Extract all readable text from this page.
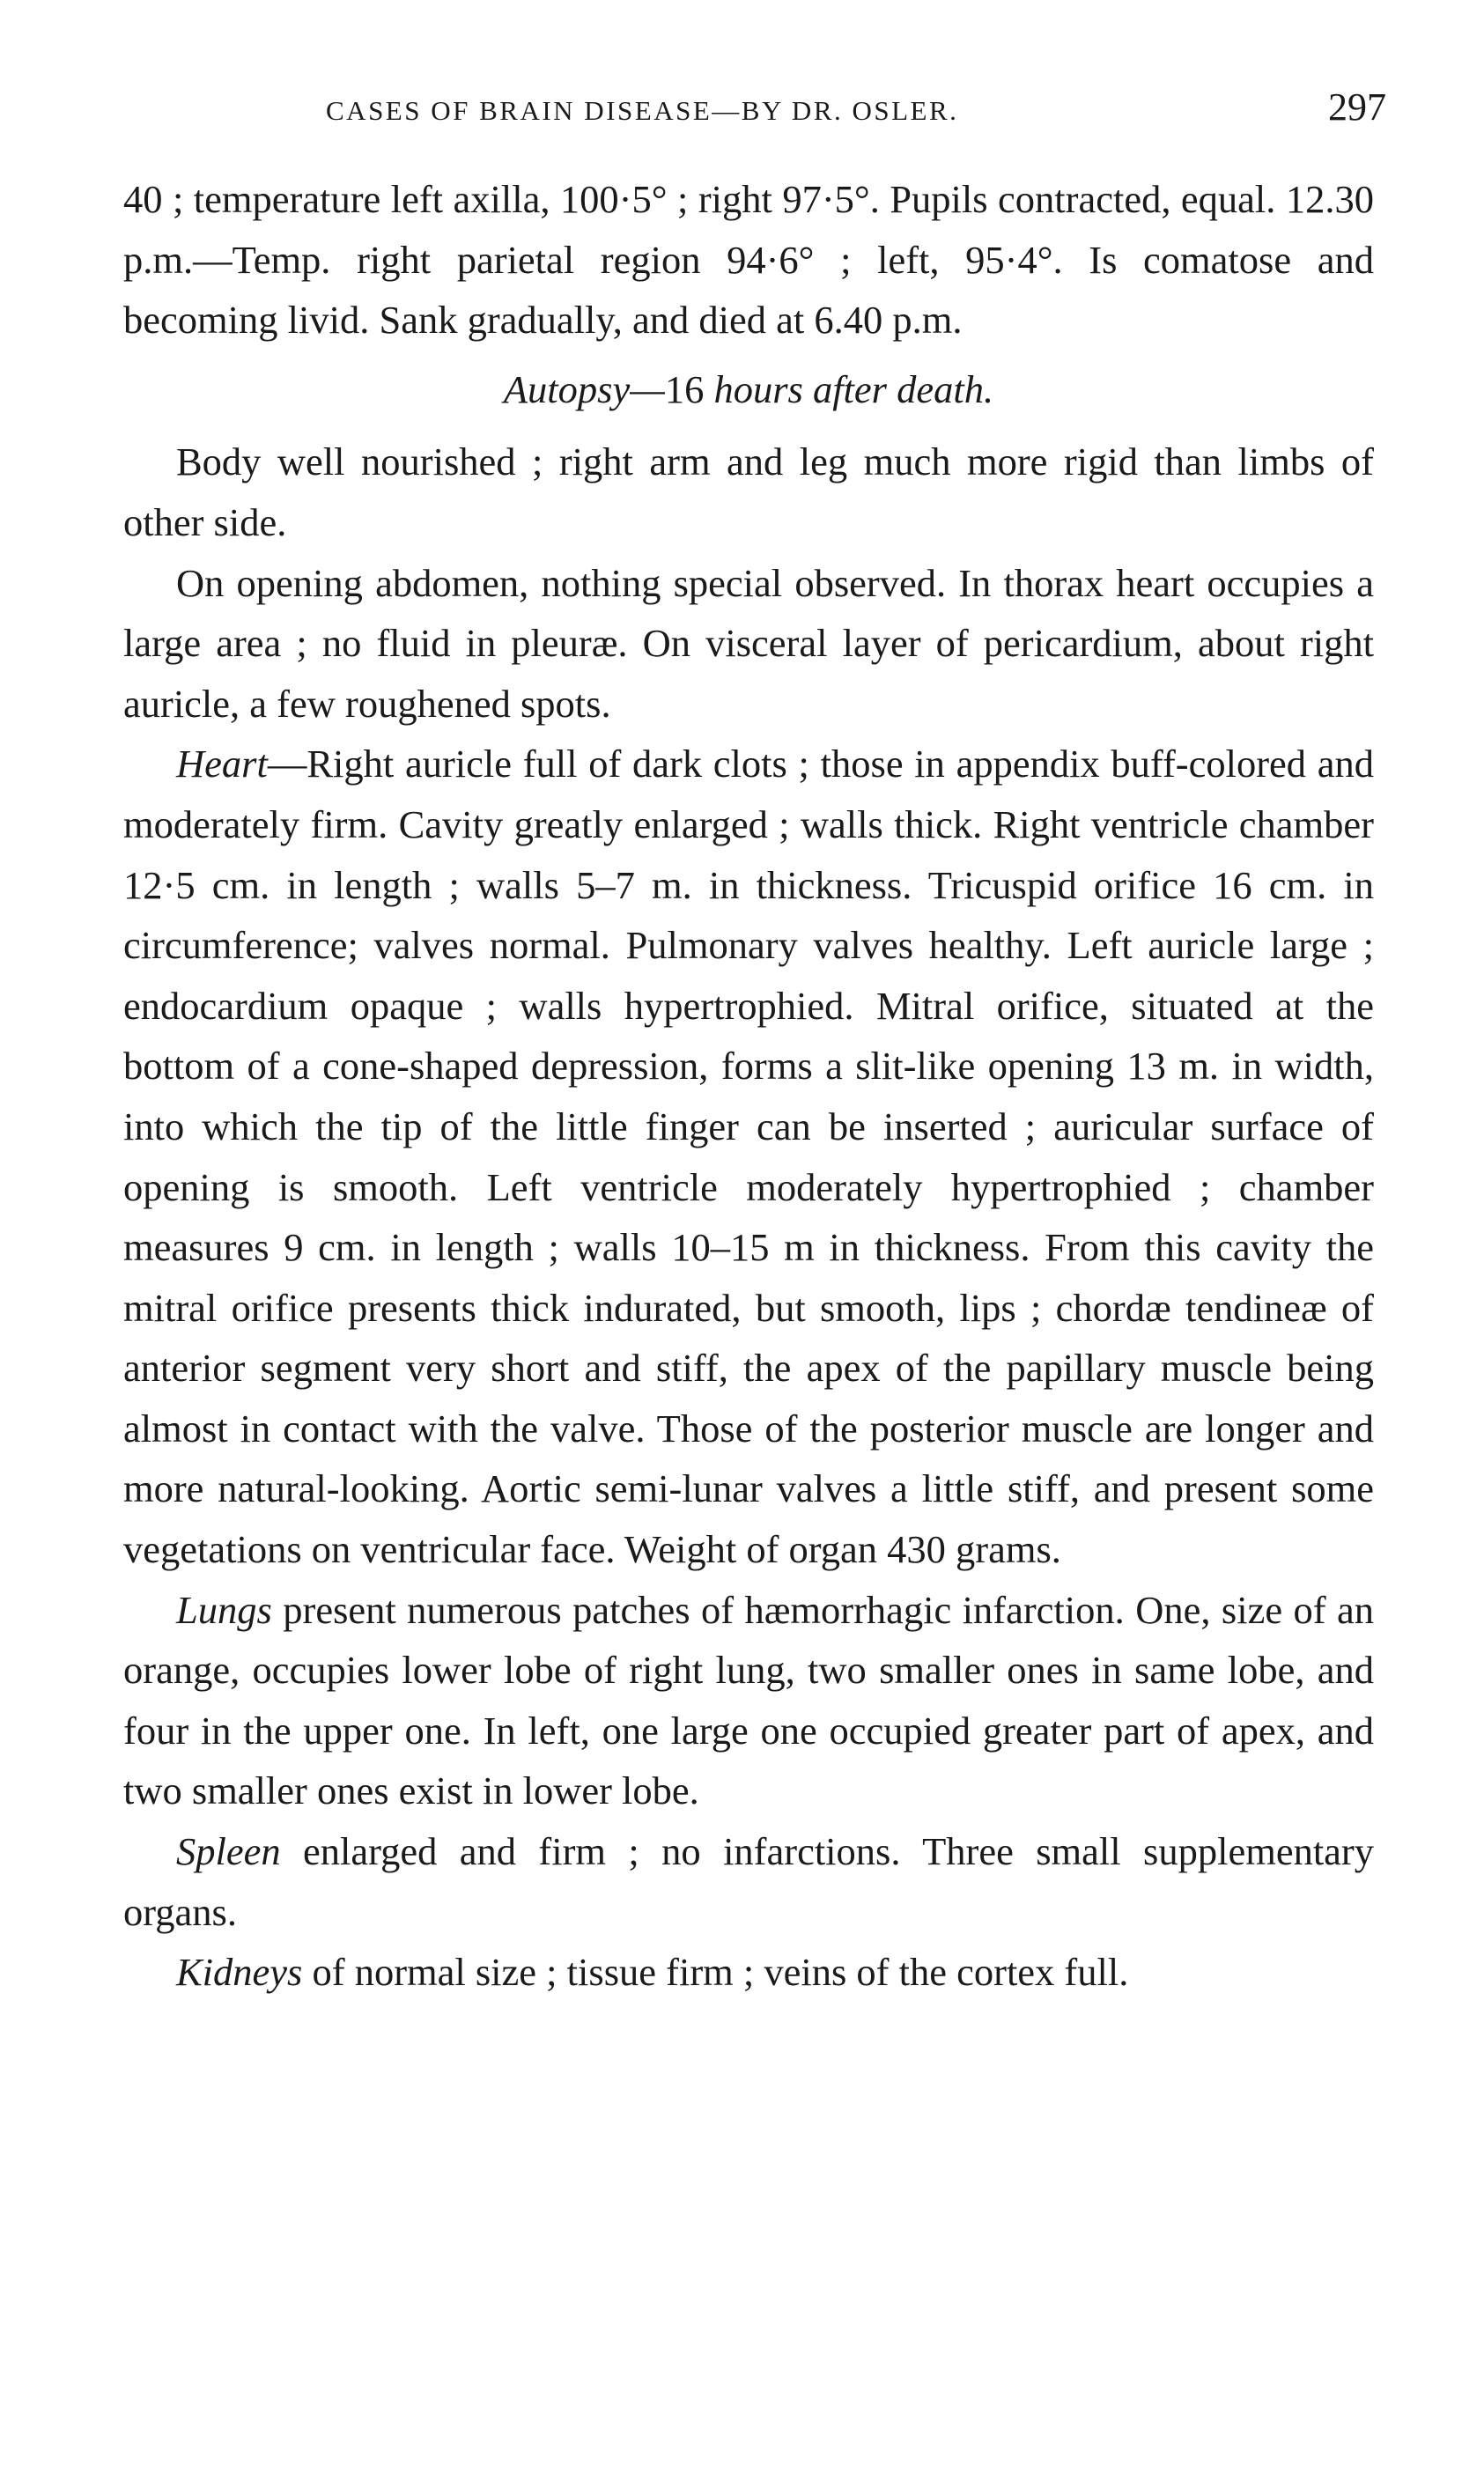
CASES OF BRAIN DISEASE—BY DR. OSLER.	297

40 ; temperature left axilla, 100·5° ; right 97·5°. Pupils contracted, equal. 12.30 p.m.—Temp. right parietal region 94·6° ; left, 95·4°. Is comatose and becoming livid. Sank gradually, and died at 6.40 p.m.

Autopsy—16 hours after death.

Body well nourished ; right arm and leg much more rigid than limbs of other side.

On opening abdomen, nothing special observed. In thorax heart occupies a large area ; no fluid in pleuræ. On visceral layer of pericardium, about right auricle, a few roughened spots.

Heart—Right auricle full of dark clots ; those in appendix buff-colored and moderately firm. Cavity greatly enlarged ; walls thick. Right ventricle chamber 12·5 cm. in length ; walls 5–7 m. in thickness. Tricuspid orifice 16 cm. in circumference; valves normal. Pulmonary valves healthy. Left auricle large ; endocardium opaque ; walls hypertrophied. Mitral orifice, situated at the bottom of a cone-shaped depression, forms a slit-like opening 13 m. in width, into which the tip of the little finger can be inserted ; auricular surface of opening is smooth. Left ventricle moderately hypertrophied ; chamber measures 9 cm. in length ; walls 10–15 m in thickness. From this cavity the mitral orifice presents thick indurated, but smooth, lips ; chordæ tendineæ of anterior segment very short and stiff, the apex of the papillary muscle being almost in contact with the valve. Those of the posterior muscle are longer and more natural-looking. Aortic semi-lunar valves a little stiff, and present some vegetations on ventricular face. Weight of organ 430 grams.

Lungs present numerous patches of hæmorrhagic infarction. One, size of an orange, occupies lower lobe of right lung, two smaller ones in same lobe, and four in the upper one. In left, one large one occupied greater part of apex, and two smaller ones exist in lower lobe.

Spleen enlarged and firm ; no infarctions. Three small supplementary organs.

Kidneys of normal size ; tissue firm ; veins of the cortex full.
